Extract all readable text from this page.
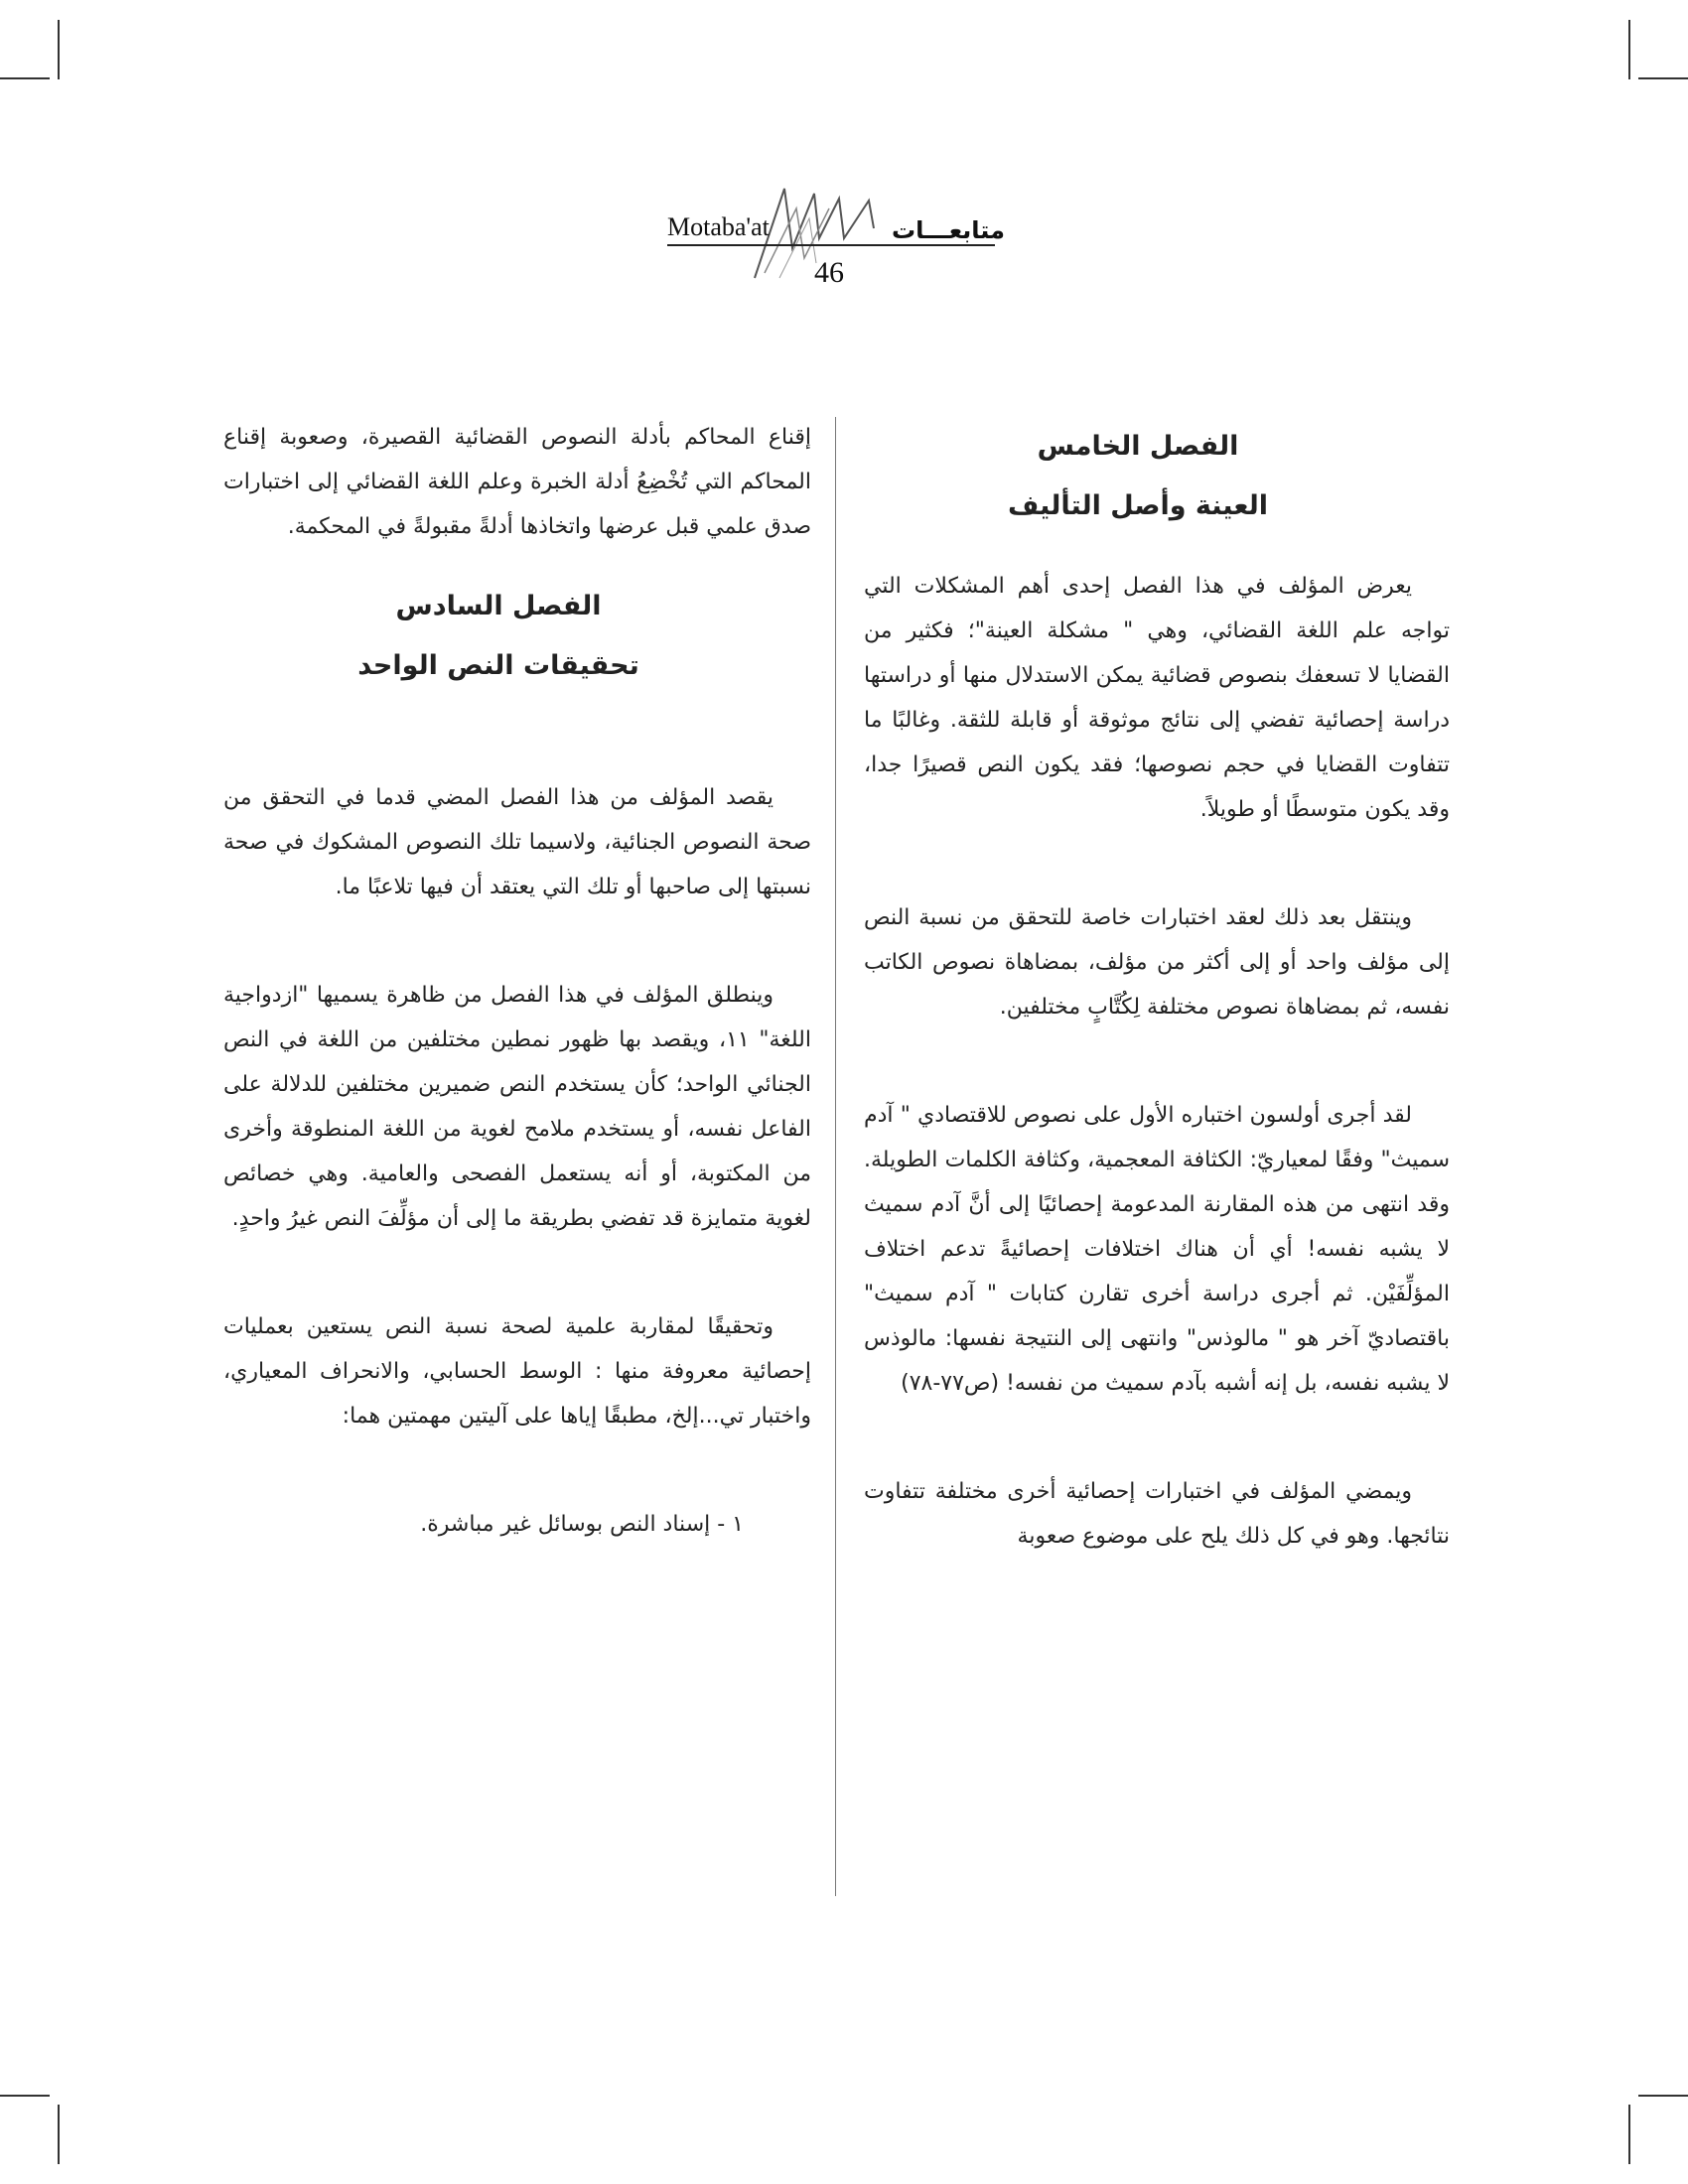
Motaba'at	متابعـــات
46

الفصل الخامس

العينة وأصل التأليف

يعرض المؤلف في هذا الفصل إحدى أهم المشكلات التي تواجه علم اللغة القضائي، وهي " مشكلة العينة"؛ فكثير من القضايا لا تسعفك بنصوص قضائية يمكن الاستدلال منها أو دراستها دراسة إحصائية تفضي إلى نتائج موثوقة أو قابلة للثقة. وغالبًا ما تتفاوت القضايا في حجم نصوصها؛ فقد يكون النص قصيرًا جدا، وقد يكون متوسطًا أو طويلاً.

وينتقل بعد ذلك لعقد اختبارات خاصة للتحقق من نسبة النص إلى مؤلف واحد أو إلى أكثر من مؤلف، بمضاهاة نصوص الكاتب نفسه، ثم بمضاهاة نصوص مختلفة لِكُتَّابٍ مختلفين.

لقد أجرى أولسون اختباره الأول على نصوص للاقتصادي " آدم سميث" وفقًا لمعياريّ: الكثافة المعجمية، وكثافة الكلمات الطويلة. وقد انتهى من هذه المقارنة المدعومة إحصائيًا إلى أنَّ آدم سميث لا يشبه نفسه! أي أن هناك اختلافات إحصائيةً تدعم اختلاف المؤلِّفَيْن. ثم أجرى دراسة أخرى تقارن كتابات " آدم سميث" باقتصاديّ آخر هو " مالوذس" وانتهى إلى النتيجة نفسها: مالوذس لا يشبه نفسه، بل إنه أشبه بآدم سميث من نفسه! (ص٧٧-٧٨)

ويمضي المؤلف في اختبارات إحصائية أخرى مختلفة تتفاوت نتائجها. وهو في كل ذلك يلح على موضوع صعوبة

إقناع المحاكم بأدلة النصوص القضائية القصيرة، وصعوبة إقناع المحاكم التي تُخْضِعُ أدلة الخبرة وعلم اللغة القضائي إلى اختبارات صدق علمي قبل عرضها واتخاذها أدلةً مقبولةً في المحكمة.

الفصل السادس

تحقيقات النص الواحد

يقصد المؤلف من هذا الفصل المضي قدما في التحقق من صحة النصوص الجنائية، ولاسيما تلك النصوص المشكوك في صحة نسبتها إلى صاحبها أو تلك التي يعتقد أن فيها تلاعبًا ما.

وينطلق المؤلف في هذا الفصل من ظاهرة يسميها "ازدواجية اللغة" ١١، ويقصد بها ظهور نمطين مختلفين من اللغة في النص الجنائي الواحد؛ كأن يستخدم النص ضميرين مختلفين للدلالة على الفاعل نفسه، أو يستخدم ملامح لغوية من اللغة المنطوقة وأخرى من المكتوبة، أو أنه يستعمل الفصحى والعامية. وهي خصائص لغوية متمايزة قد تفضي بطريقة ما إلى أن مؤلِّفَ النص غيرُ واحدٍ.

وتحقيقًا لمقاربة علمية لصحة نسبة النص يستعين بعمليات إحصائية معروفة منها : الوسط الحسابي، والانحراف المعياري، واختبار تي...إلخ، مطبقًا إياها على آليتين مهمتين هما:

١ - إسناد النص بوسائل غير مباشرة.
